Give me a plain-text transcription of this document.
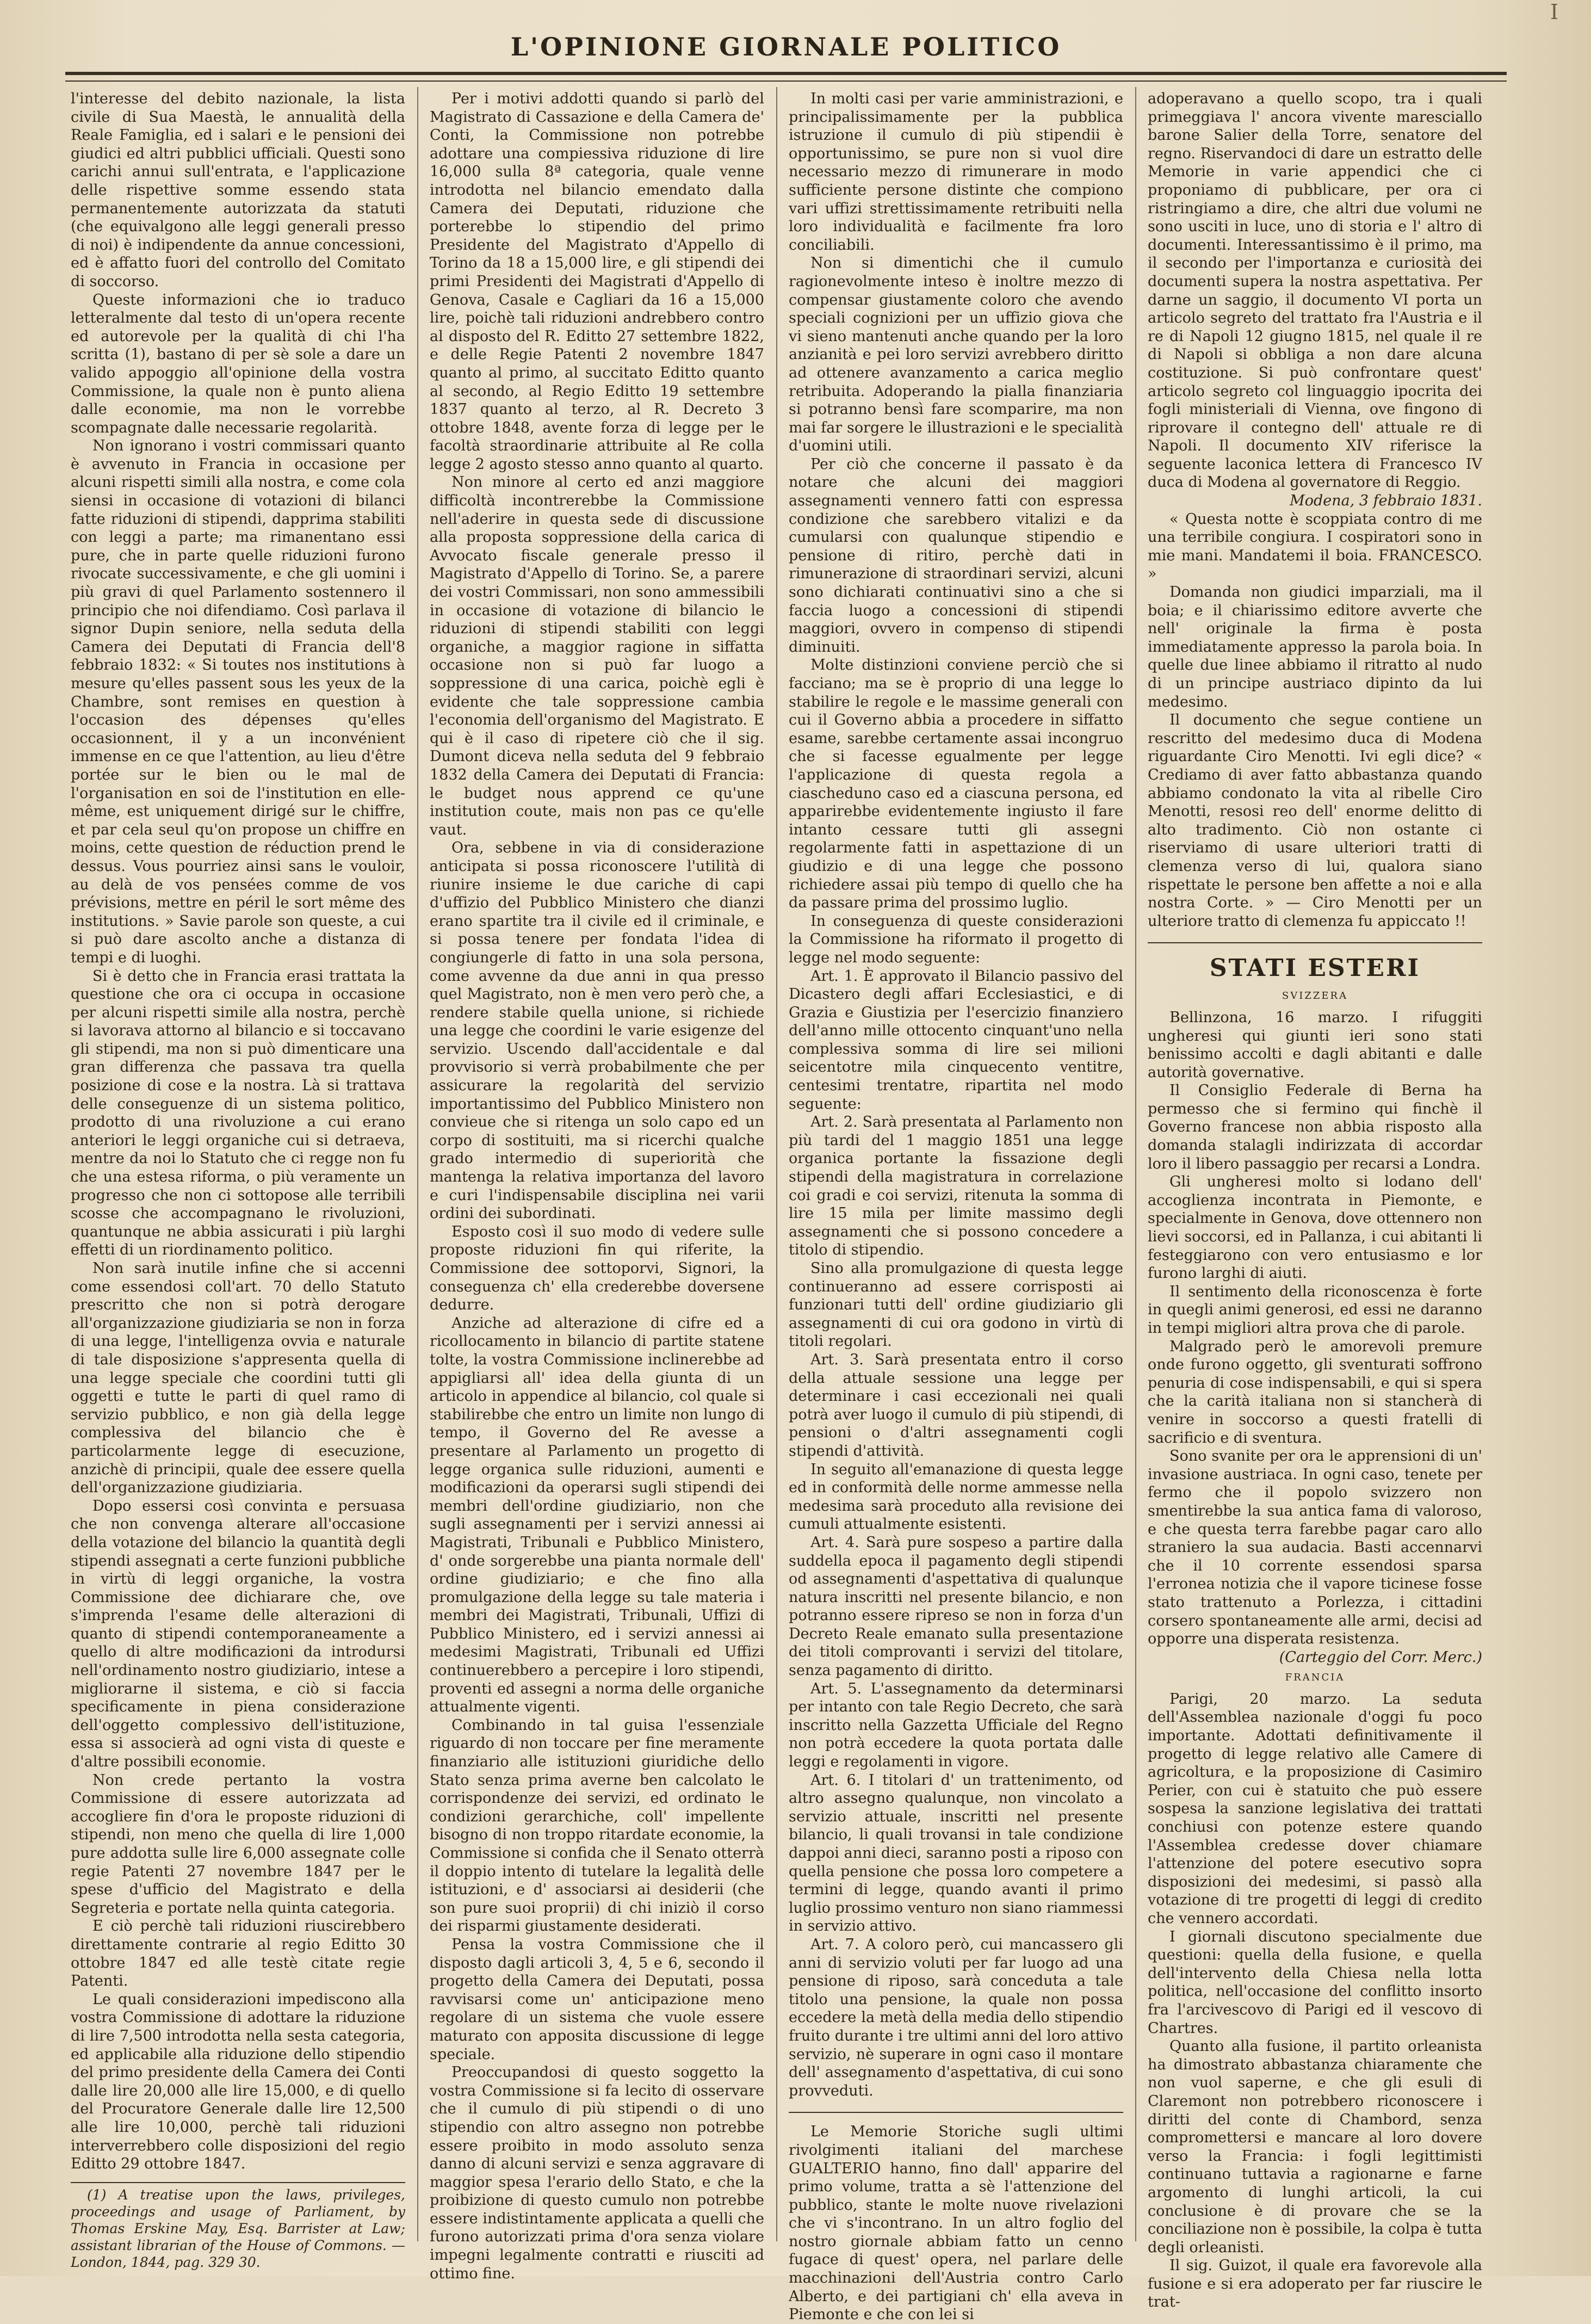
I
L'OPINIONE GIORNALE POLITICO

l'interesse del debito nazionale, la lista civile di Sua Maestà, le annualità della Reale Famiglia, ed i salari e le pensioni dei giudici ed altri pubblici ufficiali. Questi sono carichi annui sull'entrata, e l'applicazione delle rispettive somme essendo stata permanentemente autorizzata da statuti (che equivalgono alle leggi generali presso di noi) è indipendente da annue concessioni, ed è affatto fuori del controllo del Comitato di soccorso.

Queste informazioni che io traduco letteralmente dal testo di un'opera recente ed autorevole per la qualità di chi l'ha scritta (1), bastano di per sè sole a dare un valido appoggio all'opinione della vostra Commissione, la quale non è punto aliena dalle economie, ma non le vorrebbe scompagnate dalle necessarie regolarità.

Non ignorano i vostri commissari quanto è avvenuto in Francia in occasione per alcuni rispetti simili alla nostra, e come cola siensi in occasione di votazioni di bilanci fatte riduzioni di stipendi, dapprima stabiliti con leggi a parte; ma rimanentano essi pure, che in parte quelle riduzioni furono rivocate successivamente, e che gli uomini i più gravi di quel Parlamento sostennero il principio che noi difendiamo. Così parlava il signor Dupin seniore, nella seduta della Camera dei Deputati di Francia dell'8 febbraio 1832: « Si toutes nos institutions à mesure qu'elles passent sous les yeux de la Chambre, sont remises en question à l'occasion des dépenses qu'elles occasionnent, il y a un inconvénient immense en ce que l'attention, au lieu d'être portée sur le bien ou le mal de l'organisation en soi de l'institution en elle-même, est uniquement dirigé sur le chiffre, et par cela seul qu'on propose un chiffre en moins, cette question de réduction prend le dessus. Vous pourriez ainsi sans le vouloir, au delà de vos pensées comme de vos prévisions, mettre en péril le sort même des institutions. » Savie parole son queste, a cui si può dare ascolto anche a distanza di tempi e di luoghi.

Si è detto che in Francia erasi trattata la questione che ora ci occupa in occasione per alcuni rispetti simile alla nostra, perchè si lavorava attorno al bilancio e si toccavano gli stipendi, ma non si può dimenticare una gran differenza che passava tra quella posizione di cose e la nostra. Là si trattava delle conseguenze di un sistema politico, prodotto di una rivoluzione a cui erano anteriori le leggi organiche cui si detraeva, mentre da noi lo Statuto che ci regge non fu che una estesa riforma, o più veramente un progresso che non ci sottopose alle terribili scosse che accompagnano le rivoluzioni, quantunque ne abbia assicurati i più larghi effetti di un riordinamento politico.

Non sarà inutile infine che si accenni come essendosi coll'art. 70 dello Statuto prescritto che non si potrà derogare all'organizzazione giudiziaria se non in forza di una legge, l'intelligenza ovvia e naturale di tale disposizione s'appresenta quella di una legge speciale che coordini tutti gli oggetti e tutte le parti di quel ramo di servizio pubblico, e non già della legge complessiva del bilancio che è particolarmente legge di esecuzione, anzichè di principii, quale dee essere quella dell'organizzazione giudiziaria.

Dopo essersi così convinta e persuasa che non convenga alterare all'occasione della votazione del bilancio la quantità degli stipendi assegnati a certe funzioni pubbliche in virtù di leggi organiche, la vostra Commissione dee dichiarare che, ove s'imprenda l'esame delle alterazioni di quanto di stipendi contemporaneamente a quello di altre modificazioni da introdursi nell'ordinamento nostro giudiziario, intese a migliorarne il sistema, e ciò si faccia specificamente in piena considerazione dell'oggetto complessivo dell'istituzione, essa si associerà ad ogni vista di queste e d'altre possibili economie.

Non crede pertanto la vostra Commissione di essere autorizzata ad accogliere fin d'ora le proposte riduzioni di stipendi, non meno che quella di lire 1,000 pure addotta sulle lire 6,000 assegnate colle regie Patenti 27 novembre 1847 per le spese d'ufficio del Magistrato e della Segreteria e portate nella quinta categoria.

E ciò perchè tali riduzioni riuscirebbero direttamente contrarie al regio Editto 30 ottobre 1847 ed alle testè citate regie Patenti.

Le quali considerazioni impediscono alla vostra Commissione di adottare la riduzione di lire 7,500 introdotta nella sesta categoria, ed applicabile alla riduzione dello stipendio del primo presidente della Camera dei Conti dalle lire 20,000 alle lire 15,000, e di quello del Procuratore Generale dalle lire 12,500 alle lire 10,000, perchè tali riduzioni interverrebbero colle disposizioni del regio Editto 29 ottobre 1847.

(1) A treatise upon the laws, privileges, proceedings and usage of Parliament, by Thomas Erskine May, Esq. Barrister at Law; assistant librarian of the House of Commons. — London, 1844, pag. 329 30.

Per i motivi addotti quando si parlò del Magistrato di Cassazione e della Camera de' Conti, la Commissione non potrebbe adottare una compiessiva riduzione di lire 16,000 sulla 8ª categoria, quale venne introdotta nel bilancio emendato dalla Camera dei Deputati, riduzione che porterebbe lo stipendio del primo Presidente del Magistrato d'Appello di Torino da 18 a 15,000 lire, e gli stipendi dei primi Presidenti dei Magistrati d'Appello di Genova, Casale e Cagliari da 16 a 15,000 lire, poichè tali riduzioni andrebbero contro al disposto del R. Editto 27 settembre 1822, e delle Regie Patenti 2 novembre 1847 quanto al primo, al succitato Editto quanto al secondo, al Regio Editto 19 settembre 1837 quanto al terzo, al R. Decreto 3 ottobre 1848, avente forza di legge per le facoltà straordinarie attribuite al Re colla legge 2 agosto stesso anno quanto al quarto.

Non minore al certo ed anzi maggiore difficoltà incontrerebbe la Commissione nell'aderire in questa sede di discussione alla proposta soppressione della carica di Avvocato fiscale generale presso il Magistrato d'Appello di Torino. Se, a parere dei vostri Commissari, non sono ammessibili in occasione di votazione di bilancio le riduzioni di stipendi stabiliti con leggi organiche, a maggior ragione in siffatta occasione non si può far luogo a soppressione di una carica, poichè egli è evidente che tale soppressione cambia l'economia dell'organismo del Magistrato. E qui è il caso di ripetere ciò che il sig. Dumont diceva nella seduta del 9 febbraio 1832 della Camera dei Deputati di Francia: le budget nous apprend ce qu'une institution coute, mais non pas ce qu'elle vaut.

Ora, sebbene in via di considerazione anticipata si possa riconoscere l'utilità di riunire insieme le due cariche di capi d'uffizio del Pubblico Ministero che dianzi erano spartite tra il civile ed il criminale, e si possa tenere per fondata l'idea di congiungerle di fatto in una sola persona, come avvenne da due anni in qua presso quel Magistrato, non è men vero però che, a rendere stabile quella unione, si richiede una legge che coordini le varie esigenze del servizio. Uscendo dall'accidentale e dal provvisorio si verrà probabilmente che per assicurare la regolarità del servizio importantissimo del Pubblico Ministero non convieue che si ritenga un solo capo ed un corpo di sostituiti, ma si ricerchi qualche grado intermedio di superiorità che mantenga la relativa importanza del lavoro e curi l'indispensabile disciplina nei varii ordini dei subordinati.

Esposto così il suo modo di vedere sulle proposte riduzioni fin qui riferite, la Commissione dee sottoporvi, Signori, la conseguenza ch' ella crederebbe doversene dedurre.

Anziche ad alterazione di cifre ed a ricollocamento in bilancio di partite statene tolte, la vostra Commissione inclinerebbe ad appigliarsi all' idea della giunta di un articolo in appendice al bilancio, col quale si stabilirebbe che entro un limite non lungo di tempo, il Governo del Re avesse a presentare al Parlamento un progetto di legge organica sulle riduzioni, aumenti e modificazioni da operarsi sugli stipendi dei membri dell'ordine giudiziario, non che sugli assegnamenti per i servizi annessi ai Magistrati, Tribunali e Pubblico Ministero, d' onde sorgerebbe una pianta normale dell' ordine giudiziario; e che fino alla promulgazione della legge su tale materia i membri dei Magistrati, Tribunali, Uffizi di Pubblico Ministero, ed i servizi annessi ai medesimi Magistrati, Tribunali ed Uffizi continuerebbero a percepire i loro stipendi, proventi ed assegni a norma delle organiche attualmente vigenti.

Combinando in tal guisa l'essenziale riguardo di non toccare per fine meramente finanziario alle istituzioni giuridiche dello Stato senza prima averne ben calcolato le corrispondenze dei servizi, ed ordinato le condizioni gerarchiche, coll' impellente bisogno di non troppo ritardate economie, la Commissione si confida che il Senato otterrà il doppio intento di tutelare la legalità delle istituzioni, e d' associarsi ai desiderii (che son pure suoi proprii) di chi iniziò il corso dei risparmi giustamente desiderati.

Pensa la vostra Commissione che il disposto dagli articoli 3, 4, 5 e 6, secondo il progetto della Camera dei Deputati, possa ravvisarsi come un' anticipazione meno regolare di un sistema che vuole essere maturato con apposita discussione di legge speciale.

Preoccupandosi di questo soggetto la vostra Commissione si fa lecito di osservare che il cumulo di più stipendi o di uno stipendio con altro assegno non potrebbe essere proibito in modo assoluto senza danno di alcuni servizi e senza aggravare di maggior spesa l'erario dello Stato, e che la proibizione di questo cumulo non potrebbe essere indistintamente applicata a quelli che furono autorizzati prima d'ora senza violare impegni legalmente contratti e riusciti ad ottimo fine.

In molti casi per varie amministrazioni, e principalissimamente per la pubblica istruzione il cumulo di più stipendii è opportunissimo, se pure non si vuol dire necessario mezzo di rimunerare in modo sufficiente persone distinte che compiono vari uffizi strettissimamente retribuiti nella loro individualità e facilmente fra loro conciliabili.

Non si dimentichi che il cumulo ragionevolmente inteso è inoltre mezzo di compensar giustamente coloro che avendo speciali cognizioni per un uffizio giova che vi sieno mantenuti anche quando per la loro anzianità e pei loro servizi avrebbero diritto ad ottenere avanzamento a carica meglio retribuita. Adoperando la pialla finanziaria si potranno bensì fare scomparire, ma non mai far sorgere le illustrazioni e le specialità d'uomini utili.

Per ciò che concerne il passato è da notare che alcuni dei maggiori assegnamenti vennero fatti con espressa condizione che sarebbero vitalizi e da cumularsi con qualunque stipendio e pensione di ritiro, perchè dati in rimunerazione di straordinari servizi, alcuni sono dichiarati continuativi sino a che si faccia luogo a concessioni di stipendi maggiori, ovvero in compenso di stipendi diminuiti.

Molte distinzioni conviene perciò che si facciano; ma se è proprio di una legge lo stabilire le regole e le massime generali con cui il Governo abbia a procedere in siffatto esame, sarebbe certamente assai incongruo che si facesse egualmente per legge l'applicazione di questa regola a ciascheduno caso ed a ciascuna persona, ed apparirebbe evidentemente ingiusto il fare intanto cessare tutti gli assegni regolarmente fatti in aspettazione di un giudizio e di una legge che possono richiedere assai più tempo di quello che ha da passare prima del prossimo luglio.

In conseguenza di queste considerazioni la Commissione ha riformato il progetto di legge nel modo seguente:

Art. 1. È approvato il Bilancio passivo del Dicastero degli affari Ecclesiastici, e di Grazia e Giustizia per l'esercizio finanziero dell'anno mille ottocento cinquant'uno nella complessiva somma di lire sei milioni seicentotre mila cinquecento ventitre, centesimi trentatre, ripartita nel modo seguente:

Art. 2. Sarà presentata al Parlamento non più tardi del 1 maggio 1851 una legge organica portante la fissazione degli stipendi della magistratura in correlazione coi gradi e coi servizi, ritenuta la somma di lire 15 mila per limite massimo degli assegnamenti che si possono concedere a titolo di stipendio.

Sino alla promulgazione di questa legge continueranno ad essere corrisposti ai funzionari tutti dell' ordine giudiziario gli assegnamenti di cui ora godono in virtù di titoli regolari.

Art. 3. Sarà presentata entro il corso della attuale sessione una legge per determinare i casi eccezionali nei quali potrà aver luogo il cumulo di più stipendi, di pensioni o d'altri assegnamenti cogli stipendi d'attività.

In seguito all'emanazione di questa legge ed in conformità delle norme ammesse nella medesima sarà proceduto alla revisione dei cumuli attualmente esistenti.

Art. 4. Sarà pure sospeso a partire dalla suddella epoca il pagamento degli stipendi od assegnamenti d'aspettativa di qualunque natura inscritti nel presente bilancio, e non potranno essere ripreso se non in forza d'un Decreto Reale emanato sulla presentazione dei titoli comprovanti i servizi del titolare, senza pagamento di diritto.

Art. 5. L'assegnamento da determinarsi per intanto con tale Regio Decreto, che sarà inscritto nella Gazzetta Ufficiale del Regno non potrà eccedere la quota portata dalle leggi e regolamenti in vigore.

Art. 6. I titolari d' un trattenimento, od altro assegno qualunque, non vincolato a servizio attuale, inscritti nel presente bilancio, li quali trovansi in tale condizione dappoi anni dieci, saranno posti a riposo con quella pensione che possa loro competere a termini di legge, quando avanti il primo luglio prossimo venturo non siano riammessi in servizio attivo.

Art. 7. A coloro però, cui mancassero gli anni di servizio voluti per far luogo ad una pensione di riposo, sarà conceduta a tale titolo una pensione, la quale non possa eccedere la metà della media dello stipendio fruito durante i tre ultimi anni del loro attivo servizio, nè superare in ogni caso il montare dell' assegnamento d'aspettativa, di cui sono provveduti.

Le Memorie Storiche sugli ultimi rivolgimenti italiani del marchese GUALTERIO hanno, fino dall' apparire del primo volume, tratta a sè l'attenzione del pubblico, stante le molte nuove rivelazioni che vi s'incontrano. In un altro foglio del nostro giornale abbiam fatto un cenno fugace di quest' opera, nel parlare delle macchinazioni dell'Austria contro Carlo Alberto, e dei partigiani ch' ella aveva in Piemonte e che con lei si

adoperavano a quello scopo, tra i quali primeggiava l' ancora vivente maresciallo barone Salier della Torre, senatore del regno. Riservandoci di dare un estratto delle Memorie in varie appendici che ci proponiamo di pubblicare, per ora ci ristringiamo a dire, che altri due volumi ne sono usciti in luce, uno di storia e l' altro di documenti. Interessantissimo è il primo, ma il secondo per l'importanza e curiosità dei documenti supera la nostra aspettativa. Per darne un saggio, il documento VI porta un articolo segreto del trattato fra l'Austria e il re di Napoli 12 giugno 1815, nel quale il re di Napoli si obbliga a non dare alcuna costituzione. Si può confrontare quest' articolo segreto col linguaggio ipocrita dei fogli ministeriali di Vienna, ove fingono di riprovare il contegno dell' attuale re di Napoli. Il documento XIV riferisce la seguente laconica lettera di Francesco IV duca di Modena al governatore di Reggio.

Modena, 3 febbraio 1831.

« Questa notte è scoppiata contro di me una terribile congiura. I cospiratori sono in mie mani. Mandatemi il boia. FRANCESCO. »

Domanda non giudici imparziali, ma il boia; e il chiarissimo editore avverte che nell' originale la firma è posta immediatamente appresso la parola boia. In quelle due linee abbiamo il ritratto al nudo di un principe austriaco dipinto da lui medesimo.

Il documento che segue contiene un rescritto del medesimo duca di Modena riguardante Ciro Menotti. Ivi egli dice? « Crediamo di aver fatto abbastanza quando abbiamo condonato la vita al ribelle Ciro Menotti, resosi reo dell' enorme delitto di alto tradimento. Ciò non ostante ci riserviamo di usare ulteriori tratti di clemenza verso di lui, qualora siano rispettate le persone ben affette a noi e alla nostra Corte. » — Ciro Menotti per un ulteriore tratto di clemenza fu appiccato !!

STATI ESTERI
SVIZZERA

Bellinzona, 16 marzo. I rifuggiti ungheresi qui giunti ieri sono stati benissimo accolti e dagli abitanti e dalle autorità governative.

Il Consiglio Federale di Berna ha permesso che si fermino qui finchè il Governo francese non abbia risposto alla domanda stalagli indirizzata di accordar loro il libero passaggio per recarsi a Londra.

Gli ungheresi molto si lodano dell' accoglienza incontrata in Piemonte, e specialmente in Genova, dove ottennero non lievi soccorsi, ed in Pallanza, i cui abitanti li festeggiarono con vero entusiasmo e lor furono larghi di aiuti.

Il sentimento della riconoscenza è forte in quegli animi generosi, ed essi ne daranno in tempi migliori altra prova che di parole.

Malgrado però le amorevoli premure onde furono oggetto, gli sventurati soffrono penuria di cose indispensabili, e qui si spera che la carità italiana non si stancherà di venire in soccorso a questi fratelli di sacrificio e di sventura.

Sono svanite per ora le apprensioni di un' invasione austriaca. In ogni caso, tenete per fermo che il popolo svizzero non smentirebbe la sua antica fama di valoroso, e che questa terra farebbe pagar caro allo straniero la sua audacia. Basti accennarvi che il 10 corrente essendosi sparsa l'erronea notizia che il vapore ticinese fosse stato trattenuto a Porlezza, i cittadini corsero spontaneamente alle armi, decisi ad opporre una disperata resistenza.

(Carteggio del Corr. Merc.)

FRANCIA

Parigi, 20 marzo. La seduta dell'Assemblea nazionale d'oggi fu poco importante. Adottati definitivamente il progetto di legge relativo alle Camere di agricoltura, e la proposizione di Casimiro Perier, con cui è statuito che può essere sospesa la sanzione legislativa dei trattati conchiusi con potenze estere quando l'Assemblea credesse dover chiamare l'attenzione del potere esecutivo sopra disposizioni dei medesimi, si passò alla votazione di tre progetti di leggi di credito che vennero accordati.

I giornali discutono specialmente due questioni: quella della fusione, e quella dell'intervento della Chiesa nella lotta politica, nell'occasione del conflitto insorto fra l'arcivescovo di Parigi ed il vescovo di Chartres.

Quanto alla fusione, il partito orleanista ha dimostrato abbastanza chiaramente che non vuol saperne, e che gli esuli di Claremont non potrebbero riconoscere i diritti del conte di Chambord, senza compromettersi e mancare al loro dovere verso la Francia: i fogli legittimisti continuano tuttavia a ragionarne e farne argomento di lunghi articoli, la cui conclusione è di provare che se la conciliazione non è possibile, la colpa è tutta degli orleanisti.

Il sig. Guizot, il quale era favorevole alla fusione e si era adoperato per far riuscire le trat-
